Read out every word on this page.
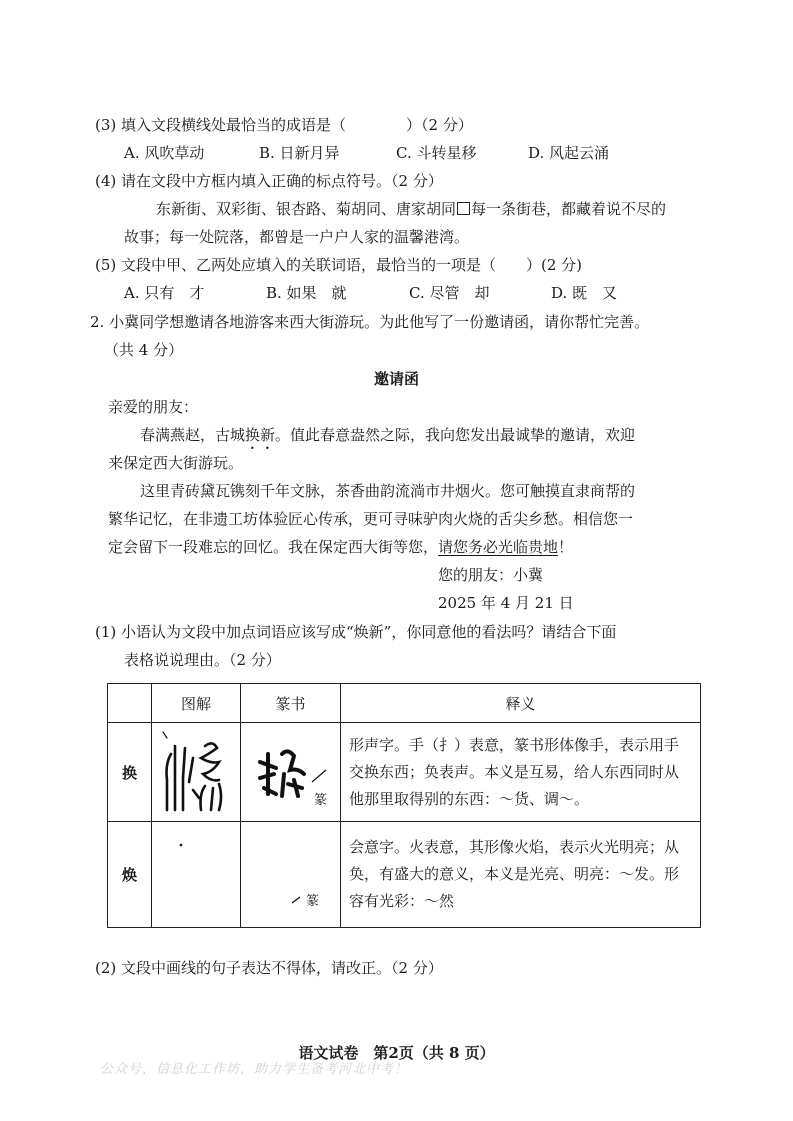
(3) 填入文段横线处最恰当的成语是（　　　　）（2 分）
A. 风吹草动	B. 日新月异	C. 斗转星移	D. 风起云涌
(4) 请在文段中方框内填入正确的标点符号。（2 分）
东新街、双彩街、银杏路、菊胡同、唐家胡同 每一条街巷，都藏着说不尽的
故事；每一处院落，都曾是一户户人家的温馨港湾。
(5) 文段中甲、乙两处应填入的关联词语，最恰当的一项是（　　）(2 分)
A. 只有　才	B. 如果　就	C. 尽管　却	D. 既　又
2. 小冀同学想邀请各地游客来西大街游玩。为此他写了一份邀请函，请你帮忙完善。
（共 4 分）
邀请函
亲爱的朋友：
春满燕赵，古城换新。值此春意盎然之际，我向您发出最诚挚的邀请，欢迎
来保定西大街游玩。
这里青砖黛瓦镌刻千年文脉，茶香曲韵流淌市井烟火。您可触摸直隶商帮的
繁华记忆，在非遗工坊体验匠心传承，更可寻味驴肉火烧的舌尖乡愁。相信您一
定会留下一段难忘的回忆。我在保定西大街等您，请您务必光临贵地！
您的朋友：小冀
2025 年 4 月 21 日
(1) 小语认为文段中加点词语应该写成“焕新”，你同意他的看法吗？请结合下面
表格说说理由。（2 分）
	图解	篆书	释义
换		篆	形声字。手（扌）表意，篆书形体像手，表示用手交换东西；奂表声。本义是互易，给人东西同时从他那里取得别的东西：～货、调～。
焕		篆	会意字。火表意，其形像火焰，表示火光明亮；从奂，有盛大的意义，本义是光亮、明亮：～发。形容有光彩：～然
(2) 文段中画线的句子表达不得体，请改正。（2 分）
语文试卷　第2页（共 8 页）
公众号，信息化工作坊，助力学生备考河北中考！
